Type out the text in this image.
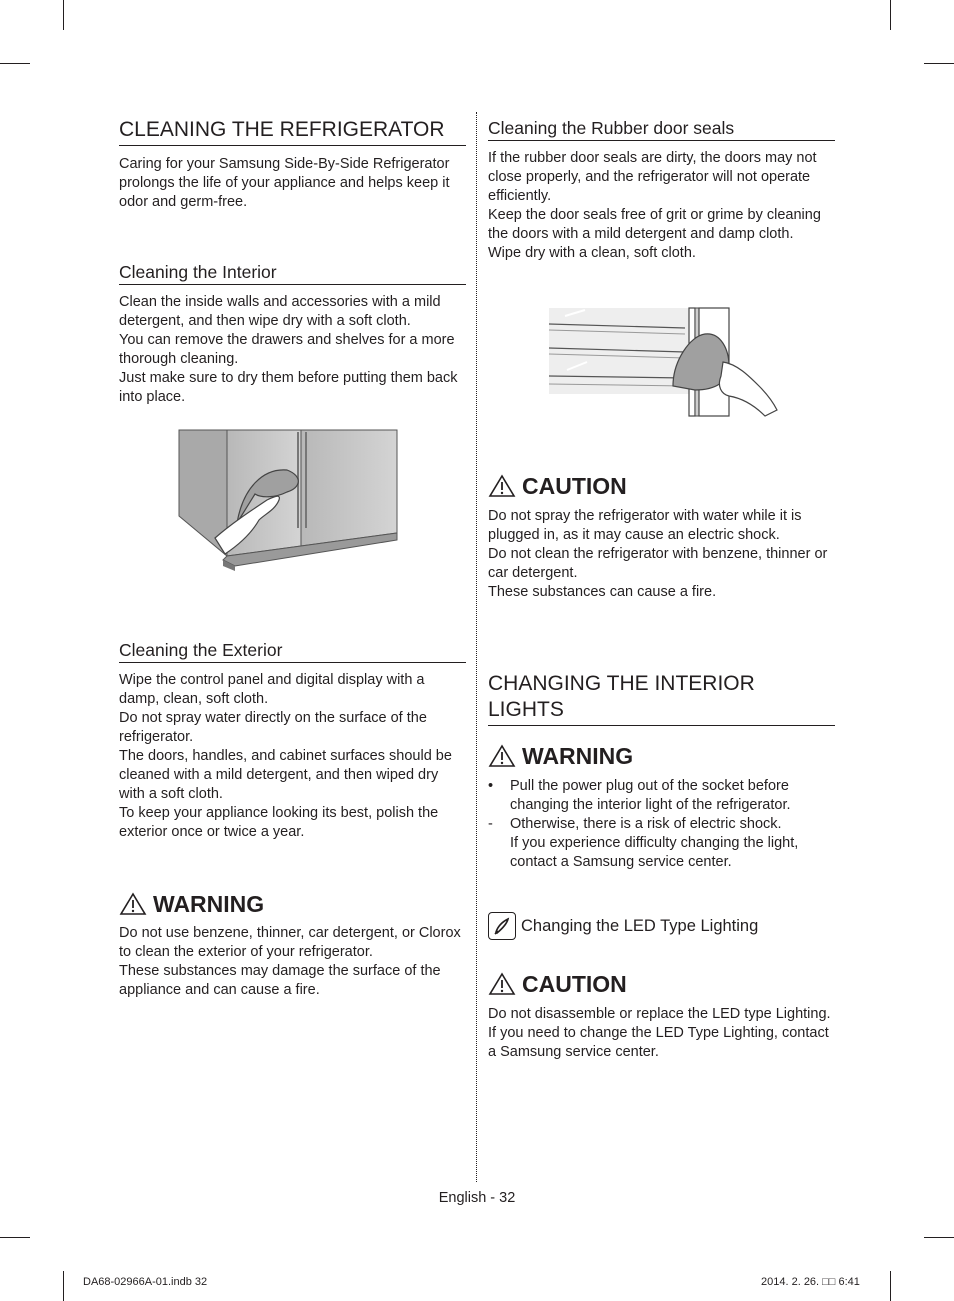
CLEANING THE REFRIGERATOR
Caring for your Samsung Side-By-Side Refrigerator prolongs the life of your appliance and helps keep it odor and germ-free.
Cleaning the Interior
Clean the inside walls and accessories with a mild detergent, and then wipe dry with a soft cloth.
You can remove the drawers and shelves for a more thorough cleaning.
Just make sure to dry them before putting them back into place.
Cleaning the Exterior
Wipe the control panel and digital display with a damp, clean, soft cloth.
Do not spray water directly on the surface of the refrigerator.
The doors, handles, and cabinet surfaces should be cleaned with a mild detergent, and then wiped dry with a soft cloth.
To keep your appliance looking its best, polish the exterior once or twice a year.
WARNING
Do not use benzene, thinner, car detergent, or Clorox to clean the exterior of your refrigerator.
These substances may damage the surface of the appliance and can cause a fire.
Cleaning the Rubber door seals
If the rubber door seals are dirty, the doors may not close properly, and the refrigerator will not operate efficiently.
Keep the door seals free of grit or grime by cleaning the doors with a mild detergent and damp cloth.
Wipe dry with a clean, soft cloth.
CAUTION
Do not spray the refrigerator with water while it is plugged in, as it may cause an electric shock.
Do not clean the refrigerator with benzene, thinner or car detergent.
These substances can cause a fire.
CHANGING THE INTERIOR LIGHTS
WARNING
•	Pull the power plug out of the socket before changing the interior light of the refrigerator.
-	Otherwise, there is a risk of electric shock.
If you experience difficulty changing the light, contact a Samsung service center.
Changing the LED Type Lighting
CAUTION
Do not disassemble or replace the LED type Lighting.
If you need to change the LED Type Lighting, contact a Samsung service center.
English - 32
DA68-02966A-01.indb 32	2014. 2. 26. □□ 6:41
